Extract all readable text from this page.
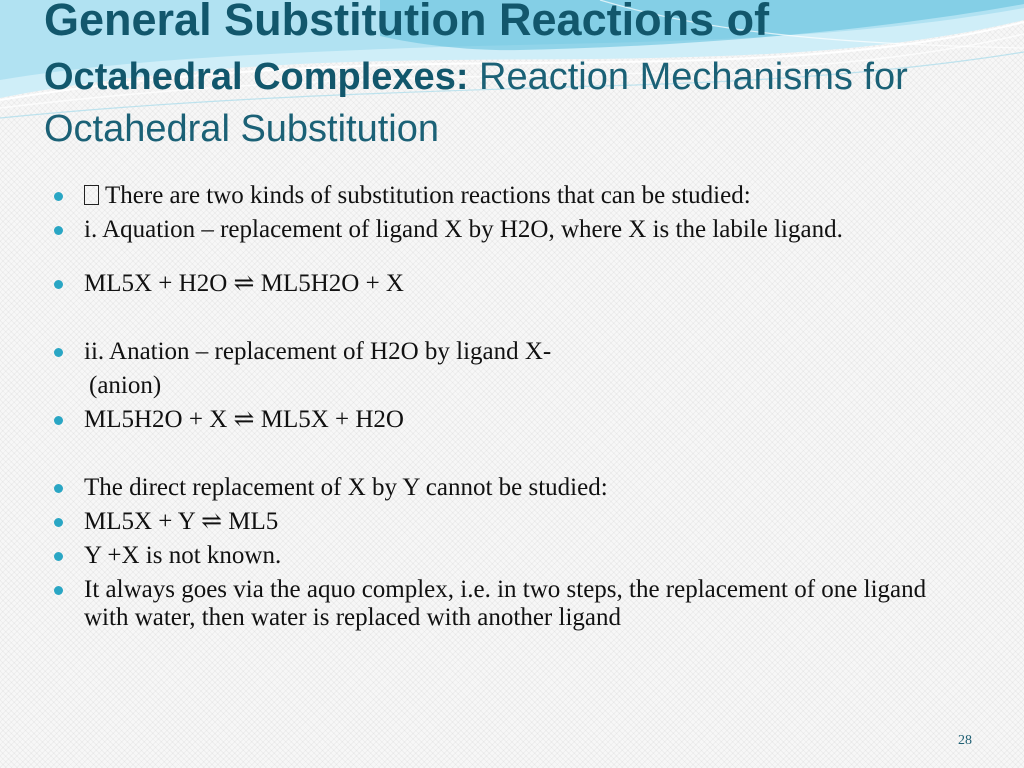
General Substitution Reactions of
Octahedral Complexes: Reaction Mechanisms for
Octahedral Substitution
There are two kinds of substitution reactions that can be studied:
i. Aquation – replacement of ligand X by H2O, where X is the labile ligand.
ML5X + H2O ⇌ ML5H2O + X
ii. Anation – replacement of H2O by ligand X-
(anion)
ML5H2O + X ⇌ ML5X + H2O
The direct replacement of X by Y cannot be studied:
ML5X + Y ⇌ ML5
Y +X is not known.
It always goes via the aquo complex, i.e. in two steps, the replacement of one ligand with water, then water is replaced with another ligand
28
